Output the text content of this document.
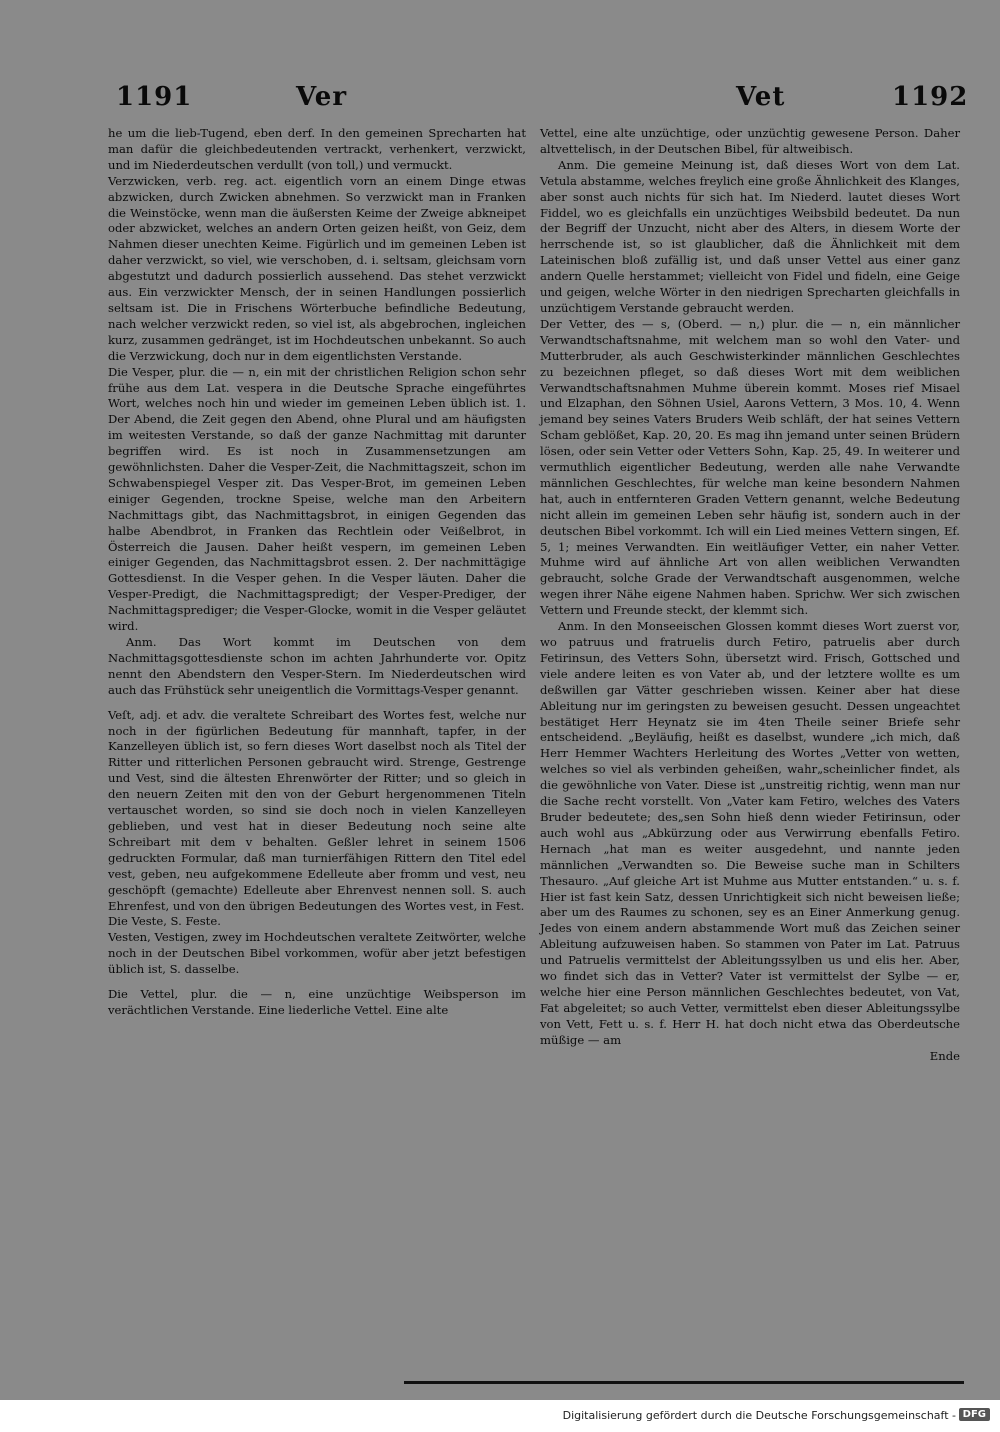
1191	Ver	Vet	1192

he um die lieb-Tugend, eben derf. In den gemeinen Sprecharten hat man dafür die gleichbedeutenden vertrackt, verhenkert, verzwickt, und im Niederdeutschen verdullt (von toll,) und vermuckt.

Verzwicken, verb. reg. act. eigentlich vorn an einem Dinge etwas abzwicken, durch Zwicken abnehmen. So verzwickt man in Franken die Weinstöcke, wenn man die äußersten Keime der Zweige abkneipet oder abzwicket, welches an andern Orten geizen heißt, von Geiz, dem Nahmen dieser unechten Keime. Figürlich und im gemeinen Leben ist daher verzwickt, so viel, wie verschoben, d. i. seltsam, gleichsam vorn abgestutzt und dadurch possierlich aussehend. Das stehet verzwickt aus. Ein verzwickter Mensch, der in seinen Handlungen possierlich seltsam ist. Die in Frischens Wörterbuche befindliche Bedeutung, nach welcher verzwickt reden, so viel ist, als abgebrochen, ingleichen kurz, zusammen gedränget, ist im Hochdeutschen unbekannt. So auch die Verzwickung, doch nur in dem eigentlichsten Verstande.

Die Vesper, plur. die — n, ein mit der christlichen Religion schon sehr frühe aus dem Lat. vespera in die Deutsche Sprache eingeführtes Wort, welches noch hin und wieder im gemeinen Leben üblich ist. 1. Der Abend, die Zeit gegen den Abend, ohne Plural und am häufigsten im weitesten Verstande, so daß der ganze Nachmittag mit darunter begriffen wird. Es ist noch in Zusammensetzungen am gewöhnlichsten. Daher die Vesper-Zeit, die Nachmittagszeit, schon im Schwabenspiegel Vesper zit. Das Vesper-Brot, im gemeinen Leben einiger Gegenden, trockne Speise, welche man den Arbeitern Nachmittags gibt, das Nachmittagsbrot, in einigen Gegenden das halbe Abendbrot, in Franken das Rechtlein oder Veißelbrot, in Österreich die Jausen. Daher heißt vespern, im gemeinen Leben einiger Gegenden, das Nachmittagsbrot essen. 2. Der nachmittägige Gottesdienst. In die Vesper gehen. In die Vesper läuten. Daher die Vesper-Predigt, die Nachmittagspredigt; der Vesper-Prediger, der Nachmittagsprediger; die Vesper-Glocke, womit in die Vesper geläutet wird.

Anm. Das Wort kommt im Deutschen von dem Nachmittagsgottesdienste schon im achten Jahrhunderte vor. Opitz nennt den Abendstern den Vesper-Stern. Im Niederdeutschen wird auch das Frühstück sehr uneigentlich die Vormittags-Vesper genannt.

Veſt, adj. et adv. die veraltete Schreibart des Wortes fest, welche nur noch in der figürlichen Bedeutung für mannhaft, tapfer, in der Kanzelleyen üblich ist, so fern dieses Wort daselbst noch als Titel der Ritter und ritterlichen Personen gebraucht wird. Strenge, Gestrenge und Vest, sind die ältesten Ehrenwörter der Ritter; und so gleich in den neuern Zeiten mit den von der Geburt hergenommenen Titeln vertauschet worden, so sind sie doch noch in vielen Kanzelleyen geblieben, und vest hat in dieser Bedeutung noch seine alte Schreibart mit dem v behalten. Geßler lehret in seinem 1506 gedruckten Formular, daß man turnierfähigen Rittern den Titel edel vest, geben, neu aufgekommene Edelleute aber fromm und vest, neu geschöpft (gemachte) Edelleute aber Ehrenvest nennen soll. S. auch Ehrenfest, und von den übrigen Bedeutungen des Wortes vest, in Fest.

Die Veste, S. Feste.

Vesten, Vestigen, zwey im Hochdeutschen veraltete Zeitwörter, welche noch in der Deutschen Bibel vorkommen, wofür aber jetzt befestigen üblich ist, S. dasselbe.

Die Vettel, plur. die — n, eine unzüchtige Weibsperson im verächtlichen Verstande. Eine liederliche Vettel. Eine alte

Vettel, eine alte unzüchtige, oder unzüchtig gewesene Person. Daher altvettelisch, in der Deutschen Bibel, für altweibisch.

Anm. Die gemeine Meinung ist, daß dieses Wort von dem Lat. Vetula abstamme, welches freylich eine große Ähnlichkeit des Klanges, aber sonst auch nichts für sich hat. Im Niederd. lautet dieses Wort Fiddel, wo es gleichfalls ein unzüchtiges Weibsbild bedeutet. Da nun der Begriff der Unzucht, nicht aber des Alters, in diesem Worte der herrschende ist, so ist glaublicher, daß die Ähnlichkeit mit dem Lateinischen bloß zufällig ist, und daß unser Vettel aus einer ganz andern Quelle herstammet; vielleicht von Fidel und fideln, eine Geige und geigen, welche Wörter in den niedrigen Sprecharten gleichfalls in unzüchtigem Verstande gebraucht werden.

Der Vetter, des — s, (Oberd. — n,) plur. die — n, ein männlicher Verwandtschaftsnahme, mit welchem man so wohl den Vater- und Mutterbruder, als auch Geschwisterkinder männlichen Geschlechtes zu bezeichnen pfleget, so daß dieses Wort mit dem weiblichen Verwandtschaftsnahmen Muhme überein kommt. Moses rief Misael und Elzaphan, den Söhnen Usiel, Aarons Vettern, 3 Mos. 10, 4. Wenn jemand bey seines Vaters Bruders Weib schläft, der hat seines Vettern Scham geblößet, Kap. 20, 20. Es mag ihn jemand unter seinen Brüdern lösen, oder sein Vetter oder Vetters Sohn, Kap. 25, 49. In weiterer und vermuthlich eigentlicher Bedeutung, werden alle nahe Verwandte männlichen Geschlechtes, für welche man keine besondern Nahmen hat, auch in entfernteren Graden Vettern genannt, welche Bedeutung nicht allein im gemeinen Leben sehr häufig ist, sondern auch in der deutschen Bibel vorkommt. Ich will ein Lied meines Vettern singen, Ef. 5, 1; meines Verwandten. Ein weitläufiger Vetter, ein naher Vetter. Muhme wird auf ähnliche Art von allen weiblichen Verwandten gebraucht, solche Grade der Verwandtschaft ausgenommen, welche wegen ihrer Nähe eigene Nahmen haben. Sprichw. Wer sich zwischen Vettern und Freunde steckt, der klemmt sich.

Anm. In den Monseeischen Glossen kommt dieses Wort zuerst vor, wo patruus und fratruelis durch Fetiro, patruelis aber durch Fetirinsun, des Vetters Sohn, übersetzt wird. Frisch, Gottsched und viele andere leiten es von Vater ab, und der letztere wollte es um deßwillen gar Vätter geschrieben wissen. Keiner aber hat diese Ableitung nur im geringsten zu beweisen gesucht. Dessen ungeachtet bestätiget Herr Heynatz sie im 4ten Theile seiner Briefe sehr entscheidend. „Beyläufig, heißt es daselbst, wundere „ich mich, daß Herr Hemmer Wachters Herleitung des Wortes „Vetter von wetten, welches so viel als verbinden geheißen, wahr„scheinlicher findet, als die gewöhnliche von Vater. Diese ist „unstreitig richtig, wenn man nur die Sache recht vorstellt. Von „Vater kam Fetiro, welches des Vaters Bruder bedeutete; des„sen Sohn hieß denn wieder Fetirinsun, oder auch wohl aus „Abkürzung oder aus Verwirrung ebenfalls Fetiro. Hernach „hat man es weiter ausgedehnt, und nannte jeden männlichen „Verwandten so. Die Beweise suche man in Schilters Thesauro. „Auf gleiche Art ist Muhme aus Mutter entstanden.“ u. s. f. Hier ist fast kein Satz, dessen Unrichtigkeit sich nicht beweisen ließe; aber um des Raumes zu schonen, sey es an Einer Anmerkung genug. Jedes von einem andern abstammende Wort muß das Zeichen seiner Ableitung aufzuweisen haben. So stammen von Pater im Lat. Patruus und Patruelis vermittelst der Ableitungssylben us und elis her. Aber, wo findet sich das in Vetter? Vater ist vermittelst der Sylbe — er, welche hier eine Person männlichen Geschlechtes bedeutet, von Vat, Fat abgeleitet; so auch Vetter, vermittelst eben dieser Ableitungssylbe von Vett, Fett u. s. f. Herr H. hat doch nicht etwa das Oberdeutsche müßige — am

Ende

Digitalisierung gefördert durch die Deutsche Forschungsgemeinschaft - DFG
